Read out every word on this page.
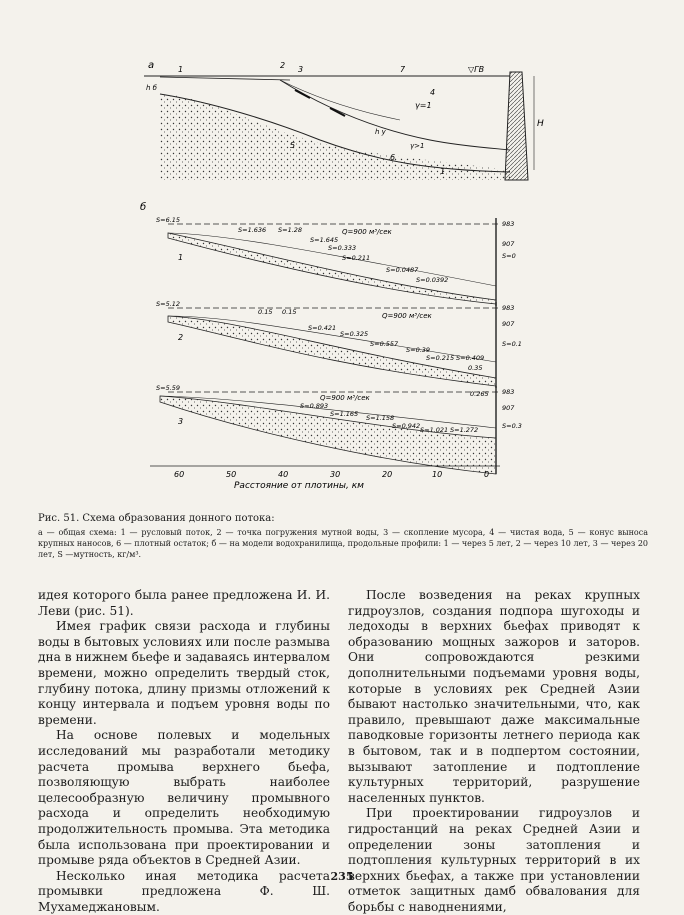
а
H
▽ГВ
h б
1	2 3	7
4
γ=1
5
h у
γ>1
6
1
б
1
Q=900 м³/сек
S=6.15
S=1.636 S=1.28
S=1.645
S=0.333
S=0.211
S=0.0487
S=0.0392
983
907
S=0
2
Q=900 м³/сек
S=5.12
0.15 0.15
S=0.421
S=0.325
S=0.557
S=0.39
S=0.215 S=0.409
0.35
983
907
S=0.1
3
Q=900 м³/сек
S=5.59
S=0.893
S=1.165 S=1.158
S=0.942 S=1.021 S=1.272
0.265 983
907
S=0.3
60	50	40	30	20	10	0
Расстояние от плотины, км
Рис. 51. Схема образования донного потока:
а — общая схема: 1 — русловый поток, 2 — точка погружения мутной воды, 3 — скопление мусора, 4 — чистая вода, 5 — конус выноса крупных наносов, 6 — плотный остаток; б — на модели водохранилища, продольные профили: 1 — через 5 лет, 2 — через 10 лет, 3 — через 20 лет, S —мутность, кг/м³.

идея которого была ранее предложена И. И. Леви (рис. 51).

Имея график связи расхода и глубины воды в бытовых условиях или после размыва дна в нижнем бьефе и задаваясь интервалом времени, можно определить твердый сток, глубину потока, длину призмы отложений к концу интервала и подъем уровня воды по времени.

На основе полевых и модельных исследований мы разработали методику расчета промыва верхнего бьефа, позволяющую выбрать наиболее целесообразную величину промывного расхода и определить необходимую продолжительность промыва. Эта методика была использована при проектировании и промыве ряда объектов в Средней Азии.

Несколько иная методика расчета промывки предложена Ф. Ш. Мухамеджановым.

После возведения на реках крупных гидроузлов, создания подпора шугоходы и ледоходы в верхних бьефах приводят к образованию мощных зажоров и заторов. Они сопровождаются резкими дополнительными подъемами уровня воды, которые в условиях рек Средней Азии бывают настолько значительными, что, как правило, превышают даже максимальные паводковые горизонты летнего периода как в бытовом, так и в подпертом состоянии, вызывают затопление и подтопление культурных территорий, разрушение населенных пунктов.

При проектировании гидроузлов и гидростанций на реках Средней Азии и определении зоны затопления и подтопления культурных территорий в их верхних бьефах, а также при установлении отметок защитных дамб обвалования для борьбы с наводнениями,

235
